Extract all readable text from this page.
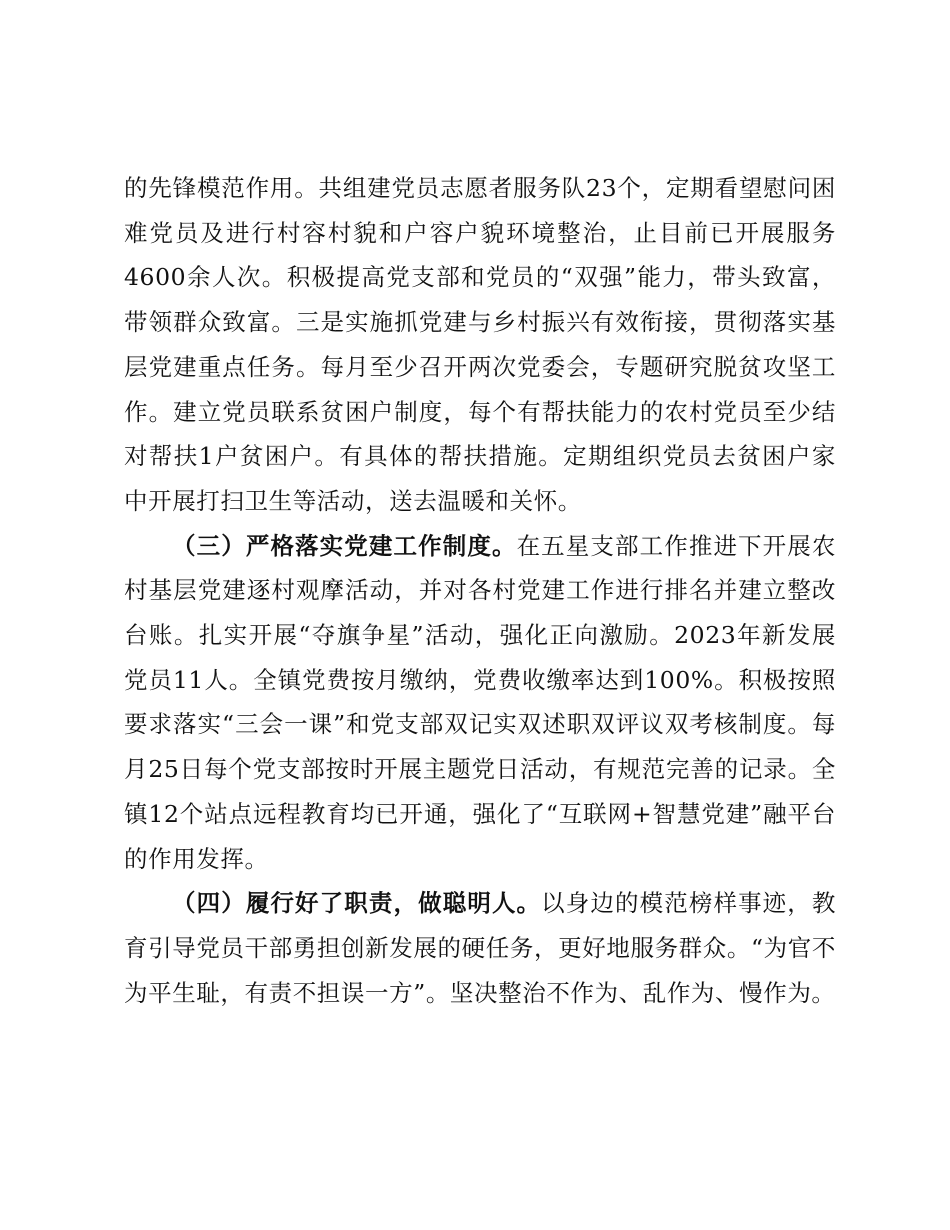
的先锋模范作用。共组建党员志愿者服务队23个，定期看望慰问困难党员及进行村容村貌和户容户貌环境整治，止目前已开展服务4600余人次。积极提高党支部和党员的“双强”能力，带头致富，带领群众致富。三是实施抓党建与乡村振兴有效衔接，贯彻落实基层党建重点任务。每月至少召开两次党委会，专题研究脱贫攻坚工作。建立党员联系贫困户制度，每个有帮扶能力的农村党员至少结对帮扶1户贫困户。有具体的帮扶措施。定期组织党员去贫困户家中开展打扫卫生等活动，送去温暖和关怀。

（三）严格落实党建工作制度。在五星支部工作推进下开展农村基层党建逐村观摩活动，并对各村党建工作进行排名并建立整改台账。扎实开展“夺旗争星”活动，强化正向激励。2023年新发展党员11人。全镇党费按月缴纳，党费收缴率达到100%。积极按照要求落实“三会一课”和党支部双记实双述职双评议双考核制度。每月25日每个党支部按时开展主题党日活动，有规范完善的记录。全镇12个站点远程教育均已开通，强化了“互联网+智慧党建”融平台的作用发挥。

（四）履行好了职责，做聪明人。以身边的模范榜样事迹，教育引导党员干部勇担创新发展的硬任务，更好地服务群众。“为官不为平生耻，有责不担误一方”。坚决整治不作为、乱作为、慢作为。
